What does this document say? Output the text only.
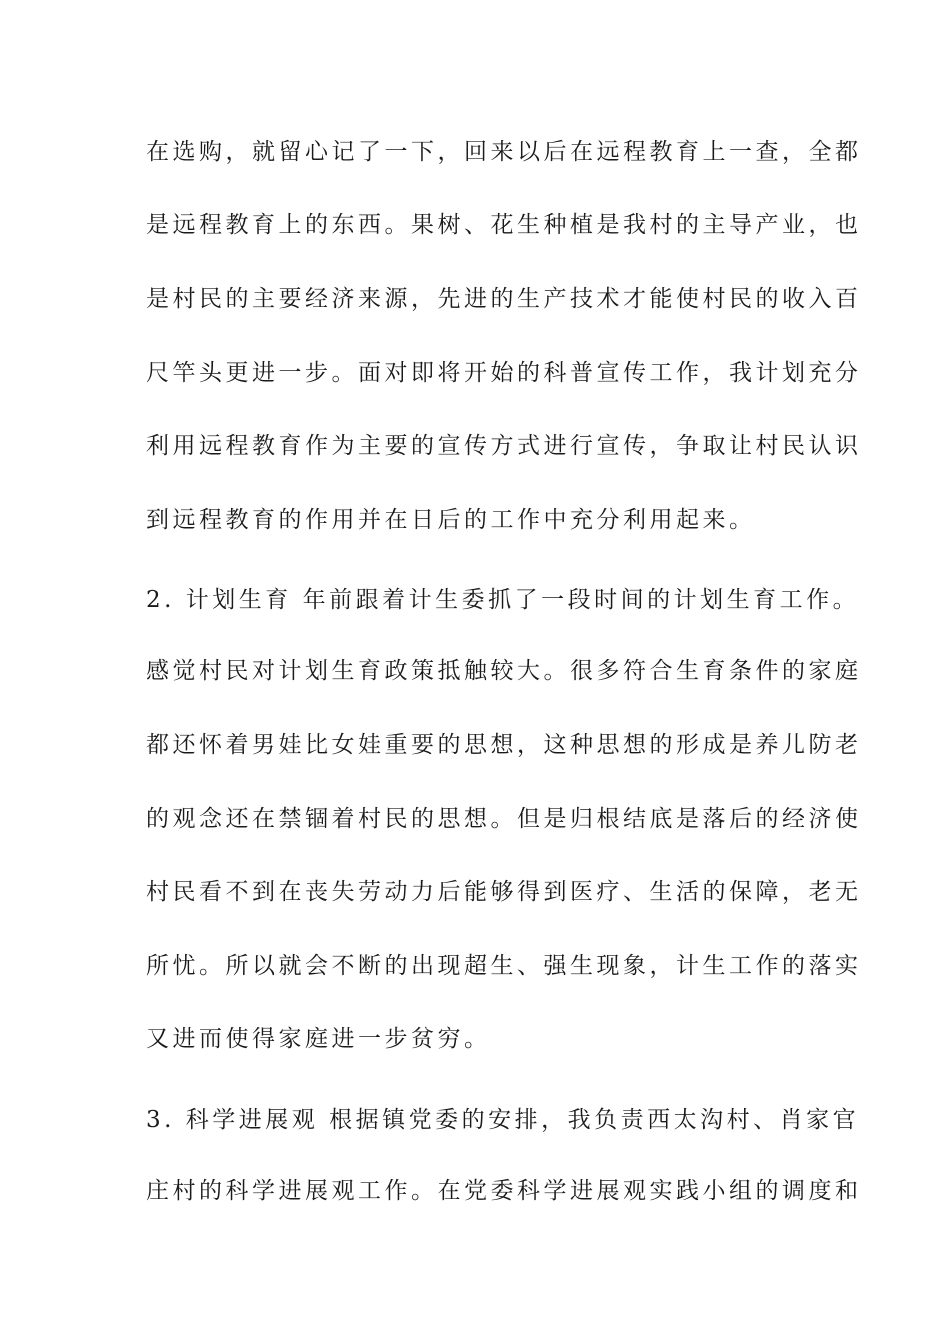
在选购，就留心记了一下，回来以后在远程教育上一查，全都
是远程教育上的东西。果树、花生种植是我村的主导产业，也
是村民的主要经济来源，先进的生产技术才能使村民的收入百
尺竿头更进一步。面对即将开始的科普宣传工作，我计划充分
利用远程教育作为主要的宣传方式进行宣传，争取让村民认识
到远程教育的作用并在日后的工作中充分利用起来。
2. 计划生育 年前跟着计生委抓了一段时间的计划生育工作。
感觉村民对计划生育政策抵触较大。很多符合生育条件的家庭
都还怀着男娃比女娃重要的思想，这种思想的形成是养儿防老
的观念还在禁锢着村民的思想。但是归根结底是落后的经济使
村民看不到在丧失劳动力后能够得到医疗、生活的保障，老无
所忧。所以就会不断的出现超生、强生现象，计生工作的落实
又进而使得家庭进一步贫穷。
3. 科学进展观 根据镇党委的安排，我负责西太沟村、肖家官
庄村的科学进展观工作。在党委科学进展观实践小组的调度和
